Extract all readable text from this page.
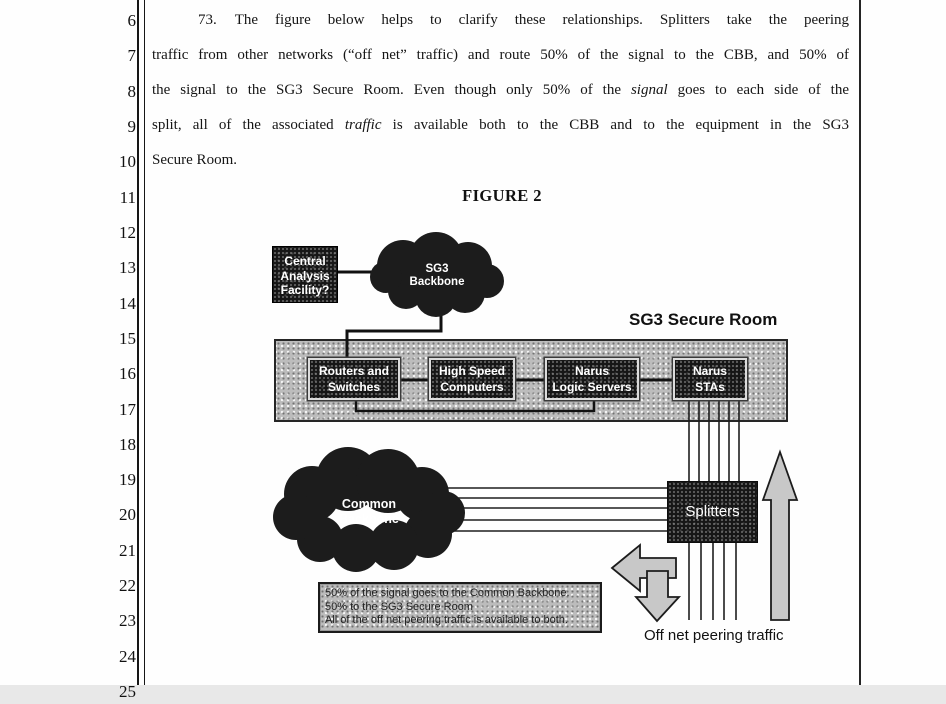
6
7
8
9
10
11
12
13
14
15
16
17
18
19
20
21
22
23
24
25
73. The figure below helps to clarify these relationships. Splitters take the peering
traffic from other networks (“off net” traffic) and route 50% of the signal to the CBB, and 50% of
the signal to the SG3 Secure Room. Even though only 50% of the signal goes to each side of the
split, all of the associated traffic is available both to the CBB and to the equipment in the SG3
Secure Room.
FIGURE 2
50% of the signal goes to the Common Backbone.
50% to the SG3 Secure Room
All of the off net peering traffic is available to both.
Central
Analysis
Facility?
SG3
Backbone
SG3 Secure Room
Routers and
Switches
High Speed
Computers
Narus
Logic Servers
Narus
STAs
Common
Backbone	Splitters
Off net peering traffic
